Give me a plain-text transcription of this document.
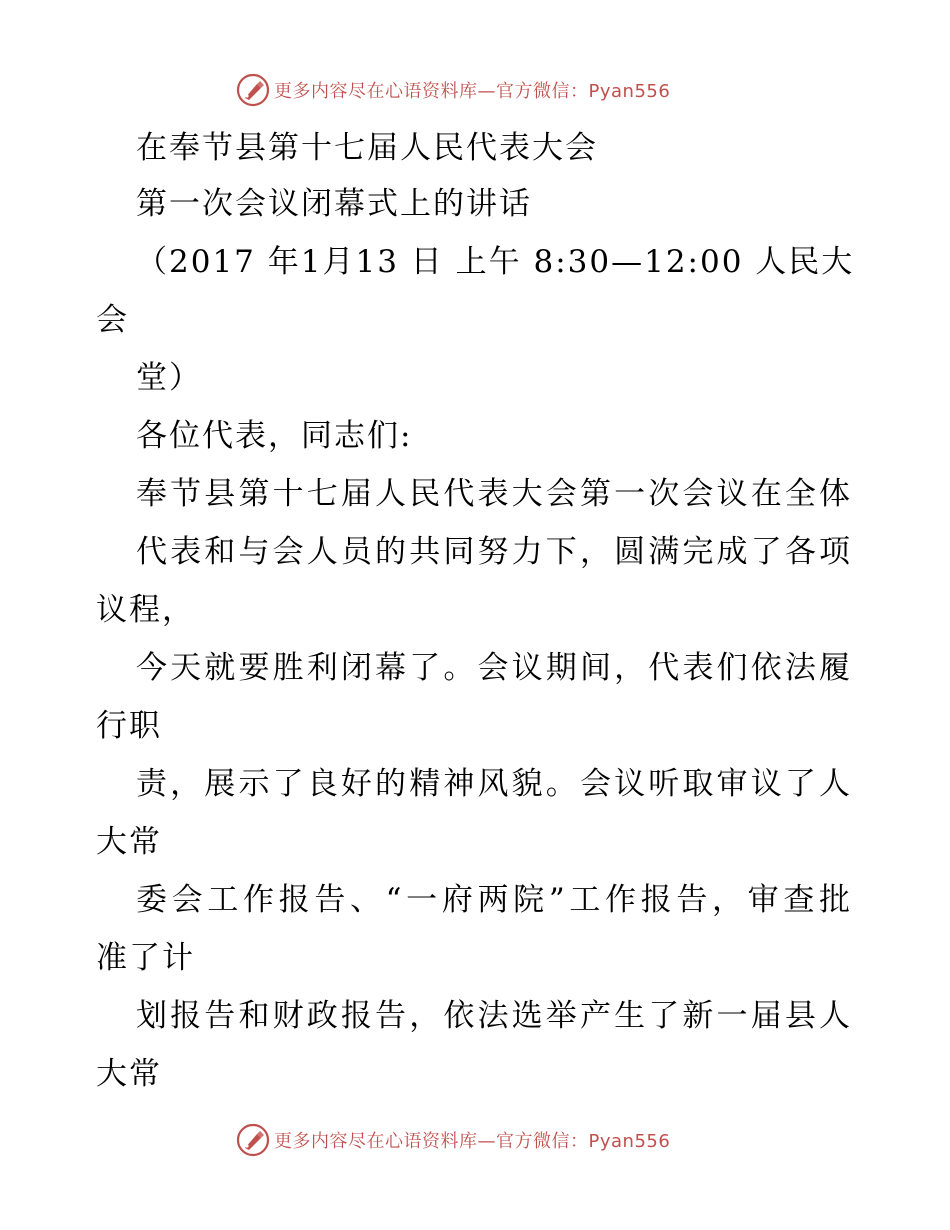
更多内容尽在心语资料库—官方微信：Pyan556
在奉节县第十七届人民代表大会
第一次会议闭幕式上的讲话
（2017 年1月13 日 上午 8:30—12:00 人民大
会
堂）
各位代表，同志们:
奉节县第十七届人民代表大会第一次会议在全体
代表和与会人员的共同努力下，圆满完成了各项
议程，
今天就要胜利闭幕了。会议期间，代表们依法履
行职
责，展示了良好的精神风貌。会议听取审议了人
大常
委会工作报告、“一府两院”工作报告，审查批
准了计
划报告和财政报告，依法选举产生了新一届县人
大常
更多内容尽在心语资料库—官方微信：Pyan556
